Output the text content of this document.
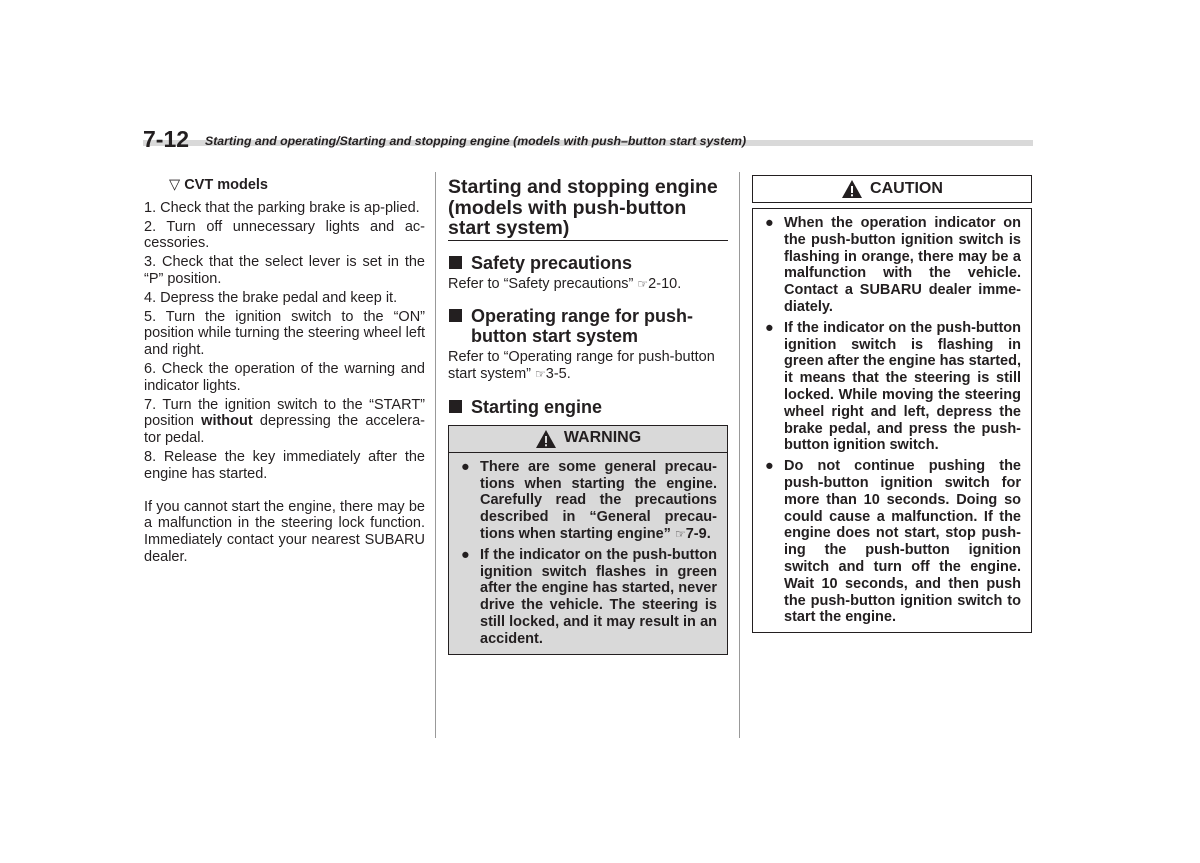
7-12 Starting and operating/Starting and stopping engine (models with push–button start system)
▽ CVT models

1. Check that the parking brake is ap-plied.

2. Turn off unnecessary lights and ac-cessories.

3. Check that the select lever is set in the “P” position.

4. Depress the brake pedal and keep it.

5. Turn the ignition switch to the “ON” position while turning the steering wheel left and right.

6. Check the operation of the warning and indicator lights.

7. Turn the ignition switch to the “START” position without depressing the accelera-tor pedal.

8. Release the key immediately after the engine has started.

If you cannot start the engine, there may be a malfunction in the steering lock function. Immediately contact your nearest SUBARU dealer.

Starting and stopping engine (models with push-button start system)
Safety precautions

Refer to “Safety precautions” ☞2-10.

Operating range for push-button start system

Refer to “Operating range for push-button start system” ☞3-5.

Starting engine
WARNING

● There are some general precau-tions when starting the engine. Carefully read the precautions described in “General precau-tions when starting engine” ☞7-9.

● If the indicator on the push-button ignition switch flashes in green after the engine has started, never drive the vehicle. The steering is still locked, and it may result in an accident.

CAUTION

● When the operation indicator on the push-button ignition switch is flashing in orange, there may be a malfunction with the vehicle. Contact a SUBARU dealer imme-diately.

● If the indicator on the push-button ignition switch is flashing in green after the engine has started, it means that the steering is still locked. While moving the steering wheel right and left, depress the brake pedal, and press the push-button ignition switch.

● Do not continue pushing the push-button ignition switch for more than 10 seconds. Doing so could cause a malfunction. If the engine does not start, stop push-ing the push-button ignition switch and turn off the engine. Wait 10 seconds, and then push the push-button ignition switch to start the engine.
